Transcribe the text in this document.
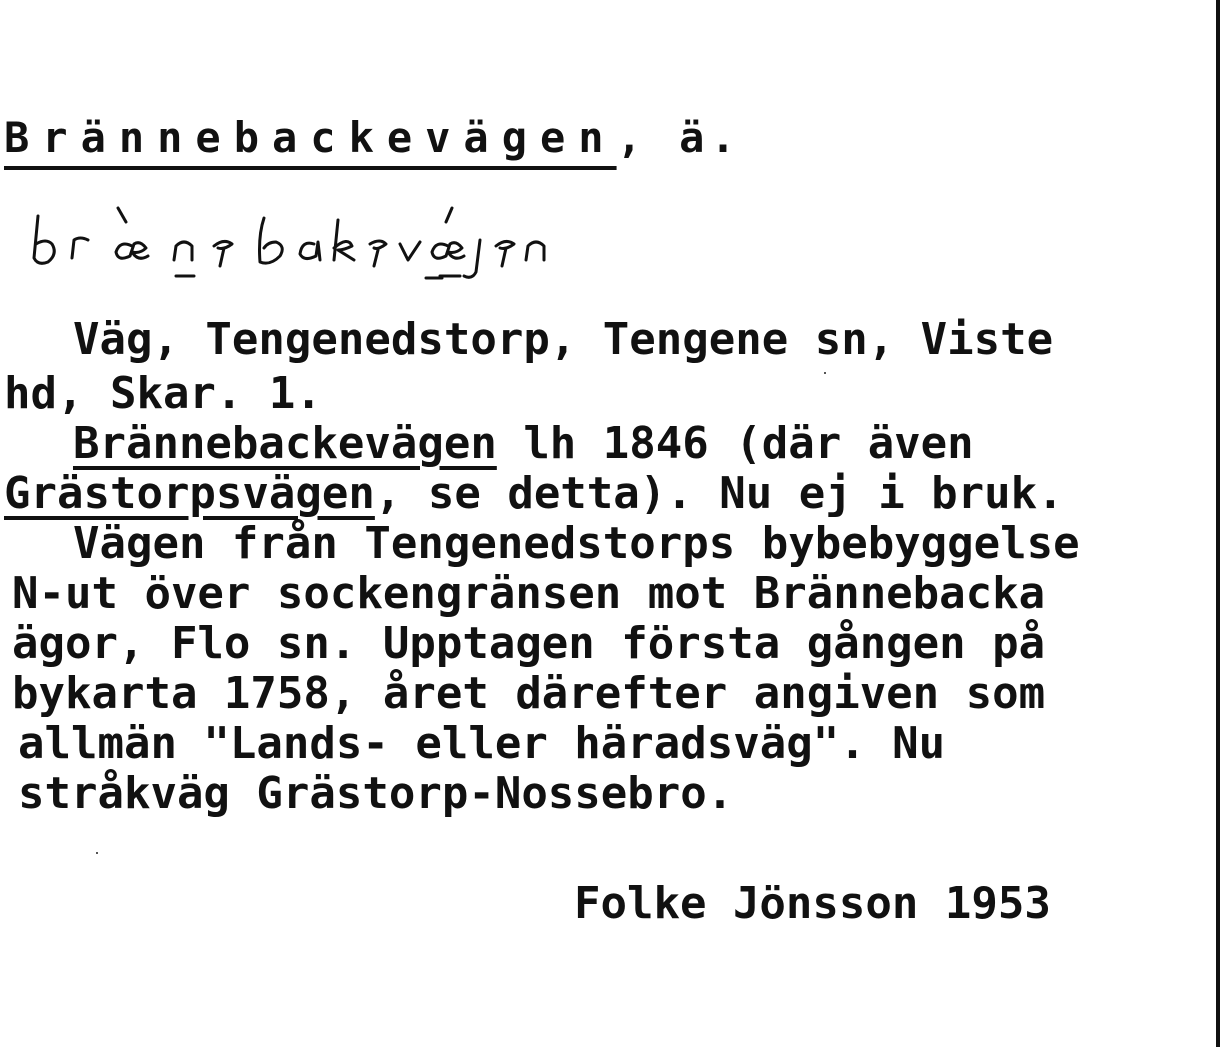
Brännebackevägen, ä.
Väg, Tengenedstorp, Tengene sn, Viste
hd, Skar. 1.
Brännebackevägen lh 1846 (där även
Grästorpsvägen, se detta). Nu ej i bruk.
Vägen från Tengenedstorps bybebyggelse
N-ut över sockengränsen mot Brännebacka
ägor, Flo sn. Upptagen första gången på
bykarta 1758, året därefter angiven som
allmän "Lands- eller häradsväg". Nu
stråkväg Grästorp-Nossebro.
Folke Jönsson 1953
